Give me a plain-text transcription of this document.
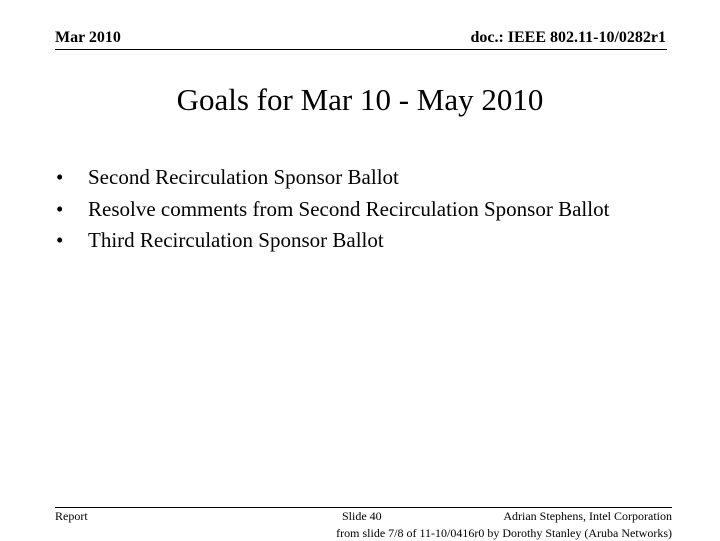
Mar 2010	doc.: IEEE 802.11-10/0282r1
Goals for Mar 10 - May 2010
• Second Recirculation Sponsor Ballot
• Resolve comments from Second Recirculation Sponsor Ballot
• Third Recirculation Sponsor Ballot
Report	Slide 40	Adrian Stephens, Intel Corporation
from slide 7/8 of 11-10/0416r0 by Dorothy Stanley (Aruba Networks)
